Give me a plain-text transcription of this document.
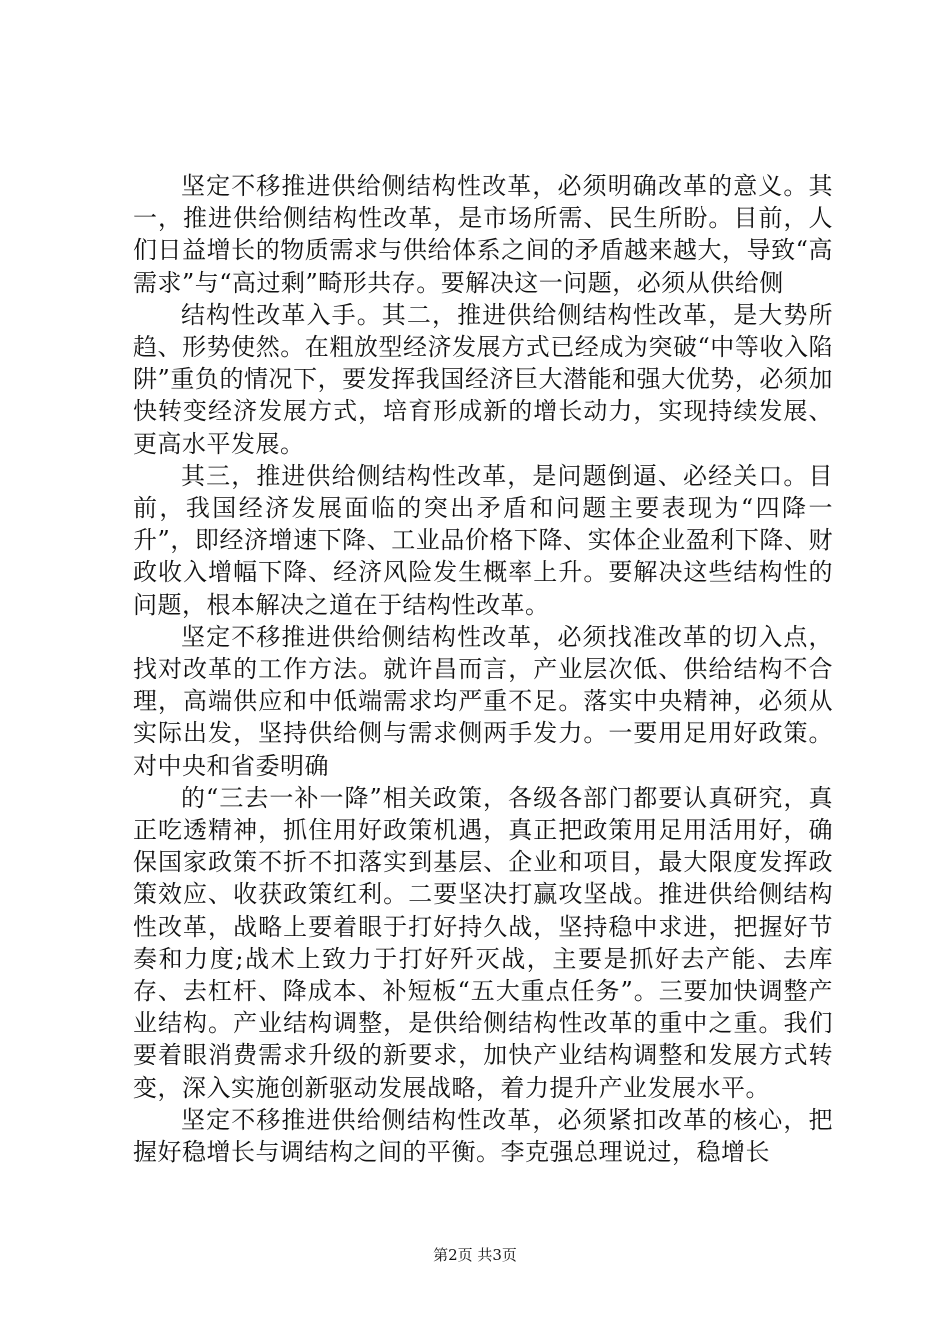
坚定不移推进供给侧结构性改革，必须明确改革的意义。其一，推进供给侧结构性改革，是市场所需、民生所盼。目前，人们日益增长的物质需求与供给体系之间的矛盾越来越大，导致“高需求”与“高过剩”畸形共存。要解决这一问题，必须从供给侧

结构性改革入手。其二，推进供给侧结构性改革，是大势所趋、形势使然。在粗放型经济发展方式已经成为突破“中等收入陷阱”重负的情况下，要发挥我国经济巨大潜能和强大优势，必须加快转变经济发展方式，培育形成新的增长动力，实现持续发展、更高水平发展。

其三，推进供给侧结构性改革，是问题倒逼、必经关口。目前，我国经济发展面临的突出矛盾和问题主要表现为“四降一升”，即经济增速下降、工业品价格下降、实体企业盈利下降、财政收入增幅下降、经济风险发生概率上升。要解决这些结构性的问题，根本解决之道在于结构性改革。

坚定不移推进供给侧结构性改革，必须找准改革的切入点，找对改革的工作方法。就许昌而言，产业层次低、供给结构不合理，高端供应和中低端需求均严重不足。落实中央精神，必须从实际出发，坚持供给侧与需求侧两手发力。一要用足用好政策。对中央和省委明确

的“三去一补一降”相关政策，各级各部门都要认真研究，真正吃透精神，抓住用好政策机遇，真正把政策用足用活用好，确保国家政策不折不扣落实到基层、企业和项目，最大限度发挥政策效应、收获政策红利。二要坚决打赢攻坚战。推进供给侧结构性改革，战略上要着眼于打好持久战，坚持稳中求进，把握好节奏和力度;战术上致力于打好歼灭战，主要是抓好去产能、去库存、去杠杆、降成本、补短板“五大重点任务”。三要加快调整产业结构。产业结构调整，是供给侧结构性改革的重中之重。我们要着眼消费需求升级的新要求，加快产业结构调整和发展方式转变，深入实施创新驱动发展战略，着力提升产业发展水平。

坚定不移推进供给侧结构性改革，必须紧扣改革的核心，把握好稳增长与调结构之间的平衡。李克强总理说过，稳增长

第2页 共3页
